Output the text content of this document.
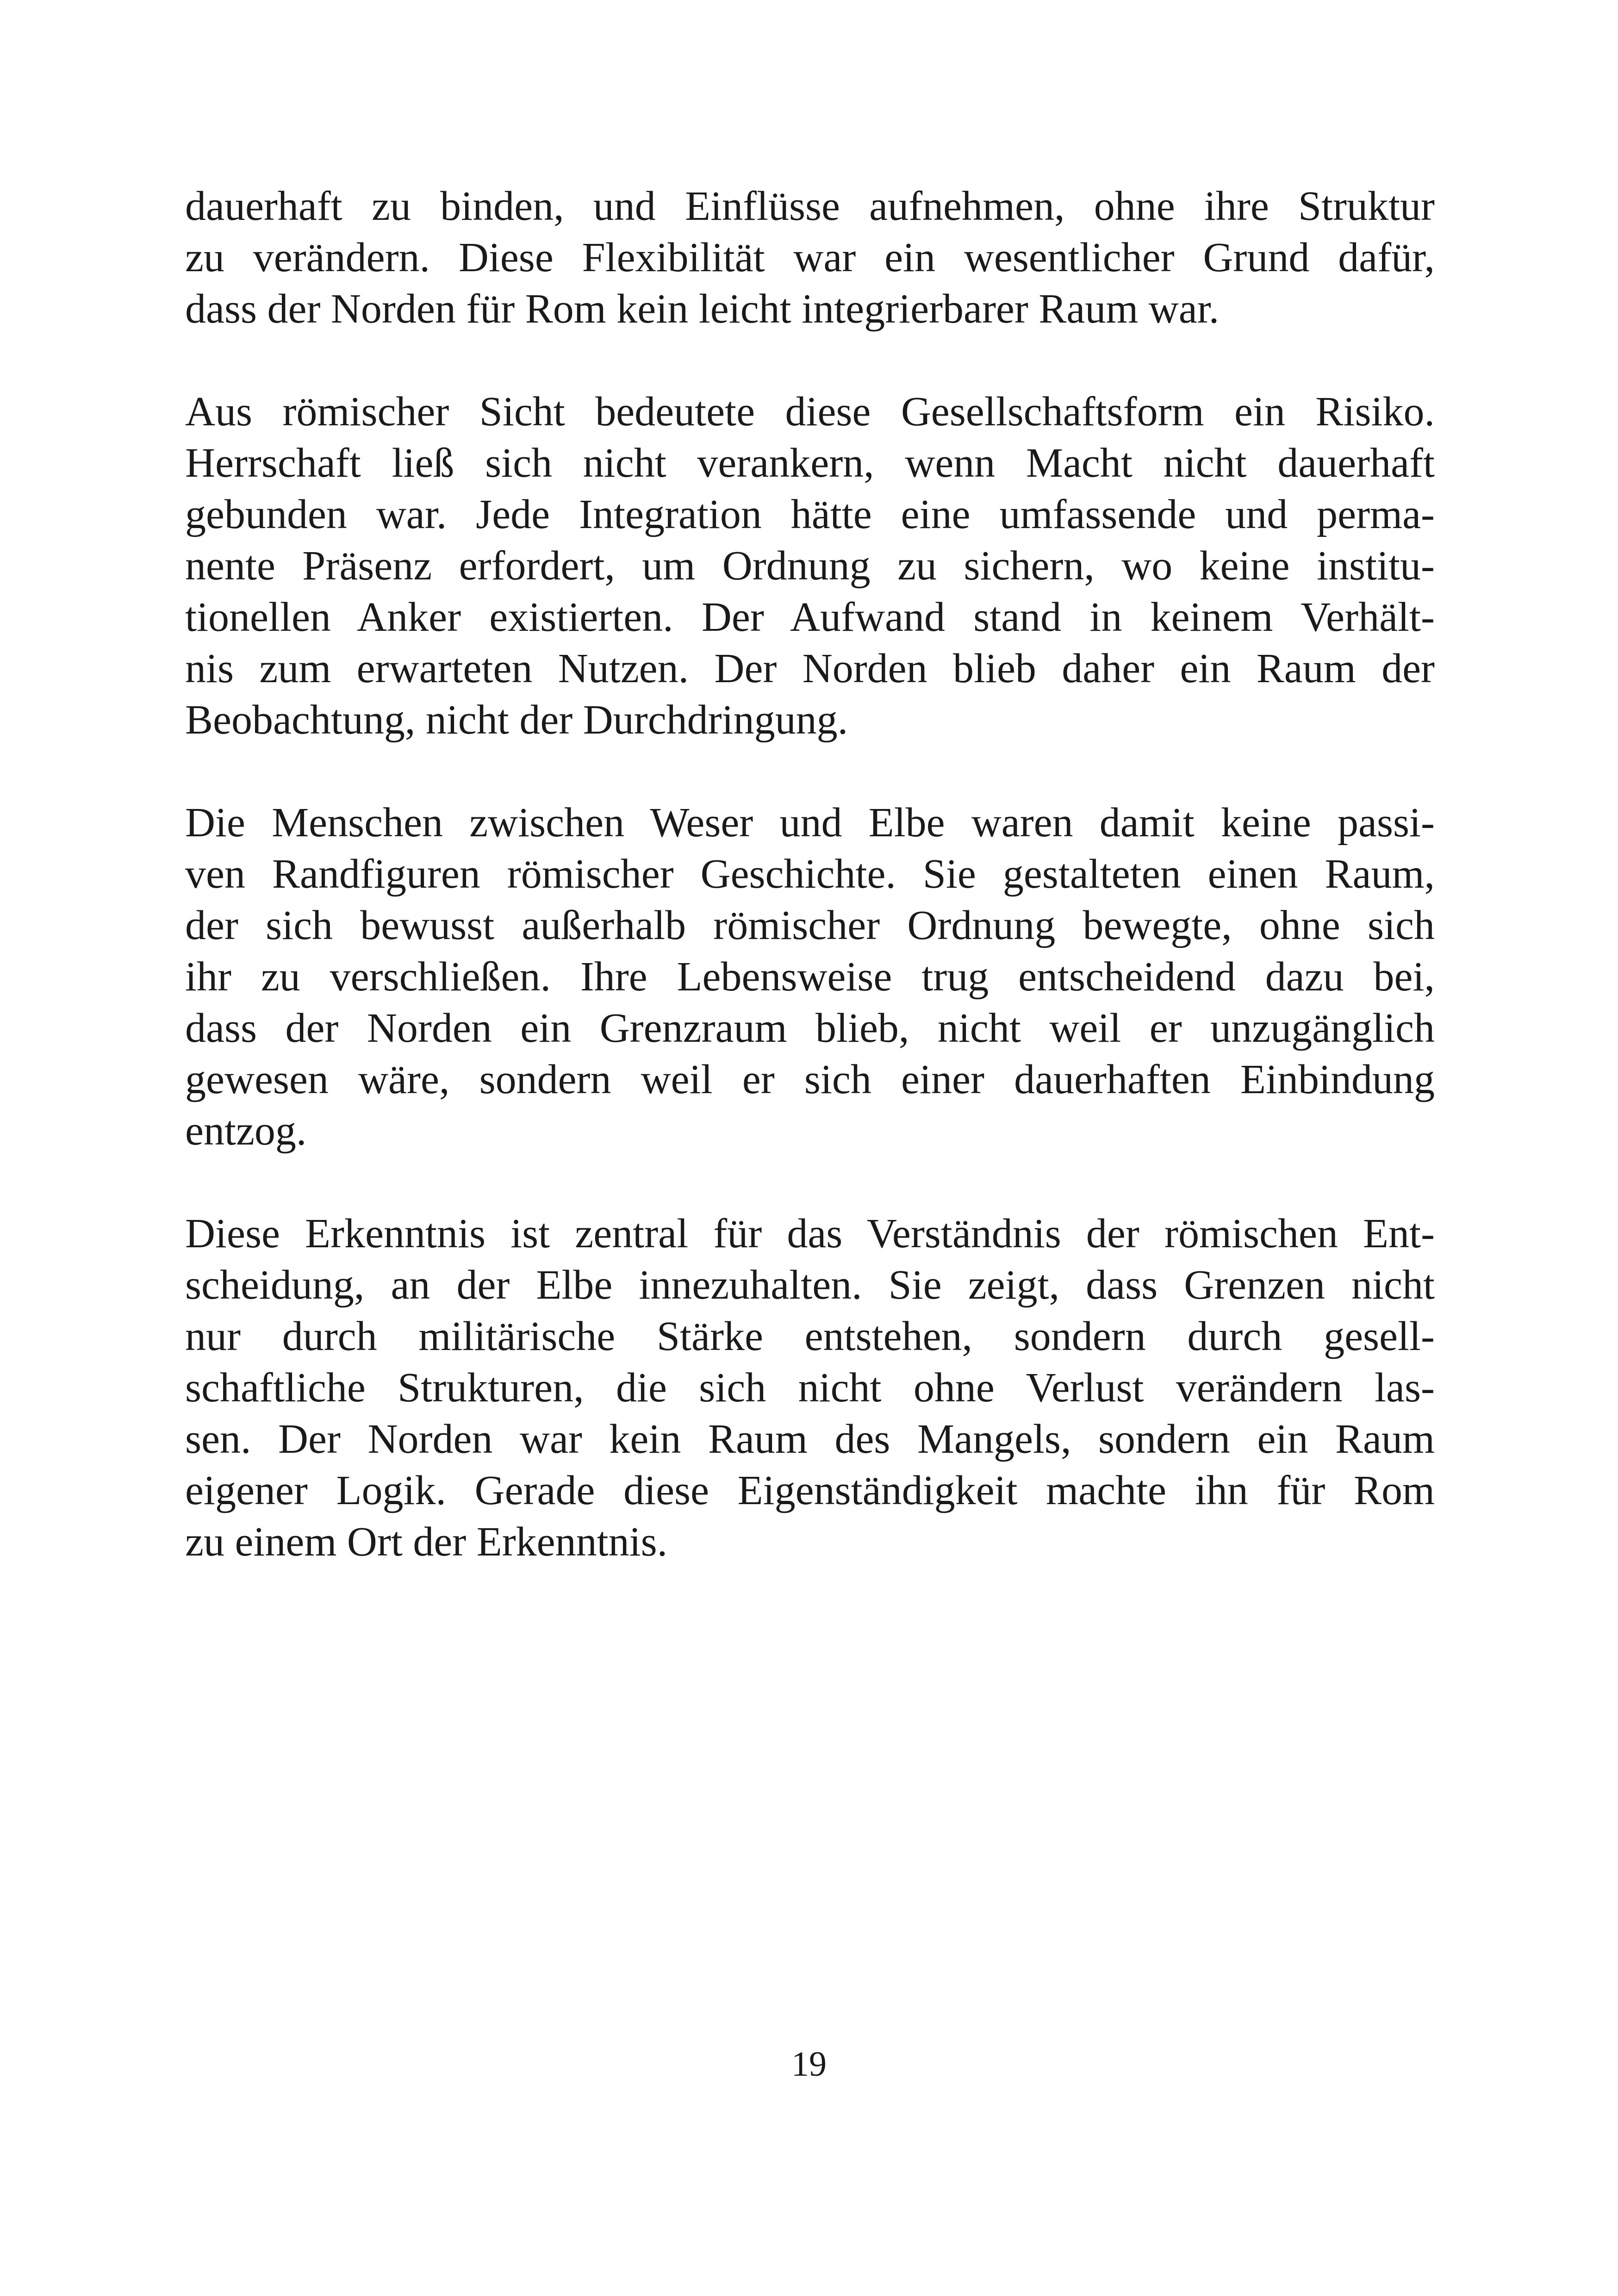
dauerhaft zu binden, und Einflüsse aufnehmen, ohne ihre Struktur
zu verändern. Diese Flexibilität war ein wesentlicher Grund dafür,
dass der Norden für Rom kein leicht integrierbarer Raum war.
Aus römischer Sicht bedeutete diese Gesellschaftsform ein Risiko.
Herrschaft ließ sich nicht verankern, wenn Macht nicht dauerhaft
gebunden war. Jede Integration hätte eine umfassende und perma-
nente Präsenz erfordert, um Ordnung zu sichern, wo keine institu-
tionellen Anker existierten. Der Aufwand stand in keinem Verhält-
nis zum erwarteten Nutzen. Der Norden blieb daher ein Raum der
Beobachtung, nicht der Durchdringung.
Die Menschen zwischen Weser und Elbe waren damit keine passi-
ven Randfiguren römischer Geschichte. Sie gestalteten einen Raum,
der sich bewusst außerhalb römischer Ordnung bewegte, ohne sich
ihr zu verschließen. Ihre Lebensweise trug entscheidend dazu bei,
dass der Norden ein Grenzraum blieb, nicht weil er unzugänglich
gewesen wäre, sondern weil er sich einer dauerhaften Einbindung
entzog.
Diese Erkenntnis ist zentral für das Verständnis der römischen Ent-
scheidung, an der Elbe innezuhalten. Sie zeigt, dass Grenzen nicht
nur durch militärische Stärke entstehen, sondern durch gesell-
schaftliche Strukturen, die sich nicht ohne Verlust verändern las-
sen. Der Norden war kein Raum des Mangels, sondern ein Raum
eigener Logik. Gerade diese Eigenständigkeit machte ihn für Rom
zu einem Ort der Erkenntnis.
19
